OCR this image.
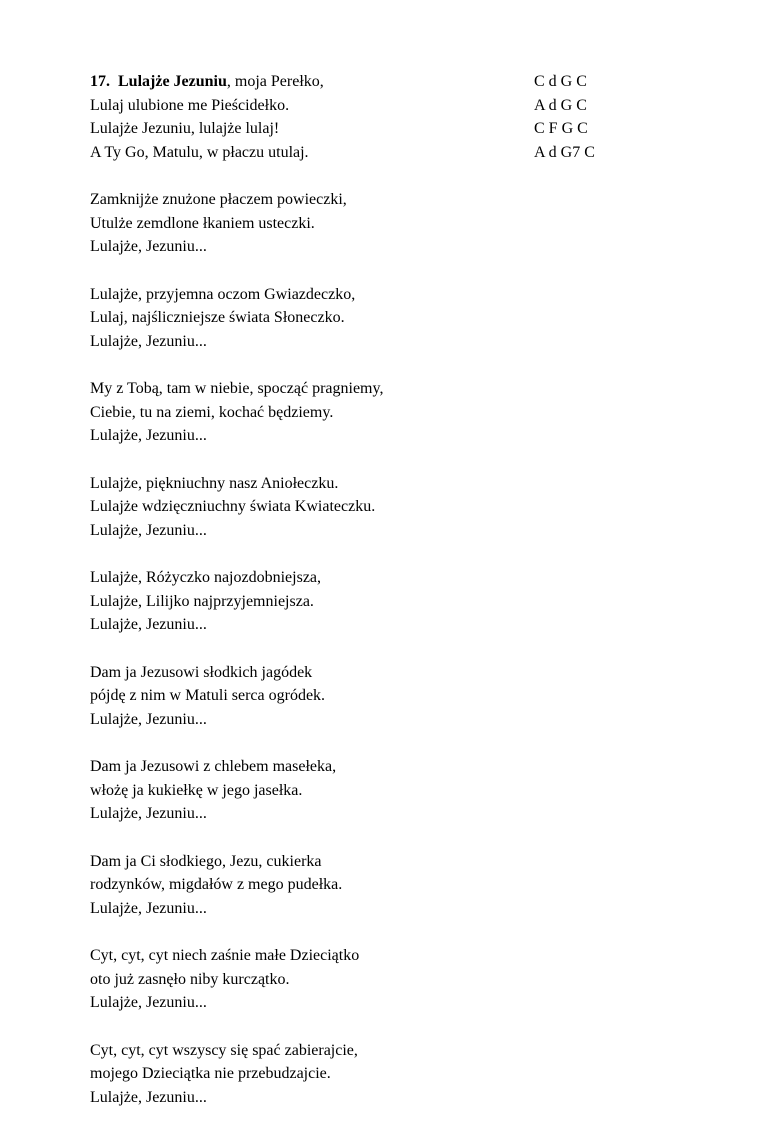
17. Lulajże Jezuniu, moja Perełko,
Lulaj ulubione me Pieścidełko.
Lulajże Jezuniu, lulajże lulaj!
A Ty Go, Matulu, w płaczu utulaj.
Zamknijże znużone płaczem powieczki,
Utulże zemdlone łkaniem usteczki.
Lulajże, Jezuniu...
Lulajże, przyjemna oczom Gwiazdeczko,
Lulaj, najśliczniejsze świata Słoneczko.
Lulajże, Jezuniu...
My z Tobą, tam w niebie, spocząć pragniemy,
Ciebie, tu na ziemi, kochać będziemy.
Lulajże, Jezuniu...
Lulajże, piękniuchny nasz Aniołeczku.
Lulajże wdzięczniuchny świata Kwiateczku.
Lulajże, Jezuniu...
Lulajże, Różyczko najozdobniejsza,
Lulajże, Lilijko najprzyjemniejsza.
Lulajże, Jezuniu...
Dam ja Jezusowi słodkich jagódek
pójdę z nim w Matuli serca ogródek.
Lulajże, Jezuniu...
Dam ja Jezusowi z chlebem masełeka,
włożę ja kukiełkę w jego jasełka.
Lulajże, Jezuniu...
Dam ja Ci słodkiego, Jezu, cukierka
rodzynków, migdałów z mego pudełka.
Lulajże, Jezuniu...
Cyt, cyt, cyt niech zaśnie małe Dzieciątko
oto już zasnęło niby kurczątko.
Lulajże, Jezuniu...
Cyt, cyt, cyt wszyscy się spać zabierajcie,
mojego Dzieciątka nie przebudzajcie.
Lulajże, Jezuniu...
C d G C
A d G C
C F G C
A d G7 C
